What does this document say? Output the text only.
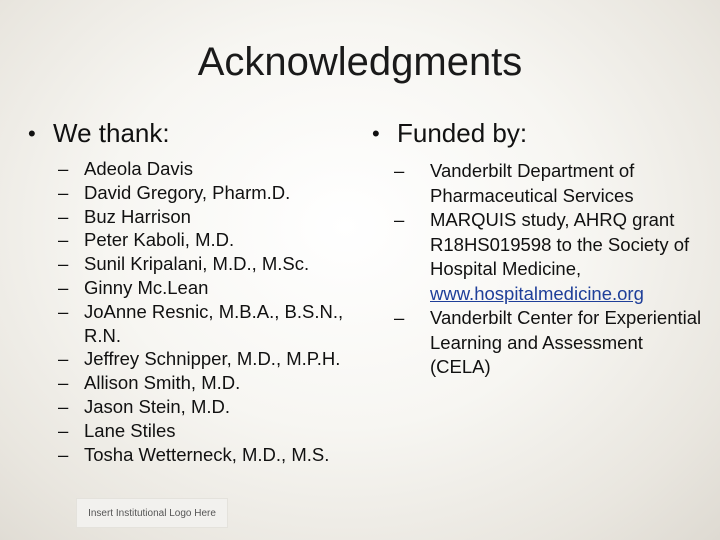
Acknowledgments

• We thank:

– Adeola Davis
– David Gregory, Pharm.D.
– Buz Harrison
– Peter Kaboli, M.D.
– Sunil Kripalani, M.D., M.Sc.
– Ginny Mc.Lean
– JoAnne Resnic, M.B.A., B.S.N., R.N.
– Jeffrey Schnipper, M.D., M.P.H.
– Allison Smith, M.D.
– Jason Stein, M.D.
– Lane Stiles
– Tosha Wetterneck, M.D., M.S.

• Funded by:

– Vanderbilt Department of Pharmaceutical Services
– MARQUIS study, AHRQ grant R18HS019598 to the Society of Hospital Medicine, www.hospitalmedicine.org
– Vanderbilt Center for Experiential Learning and Assessment (CELA)
Insert Institutional Logo Here
